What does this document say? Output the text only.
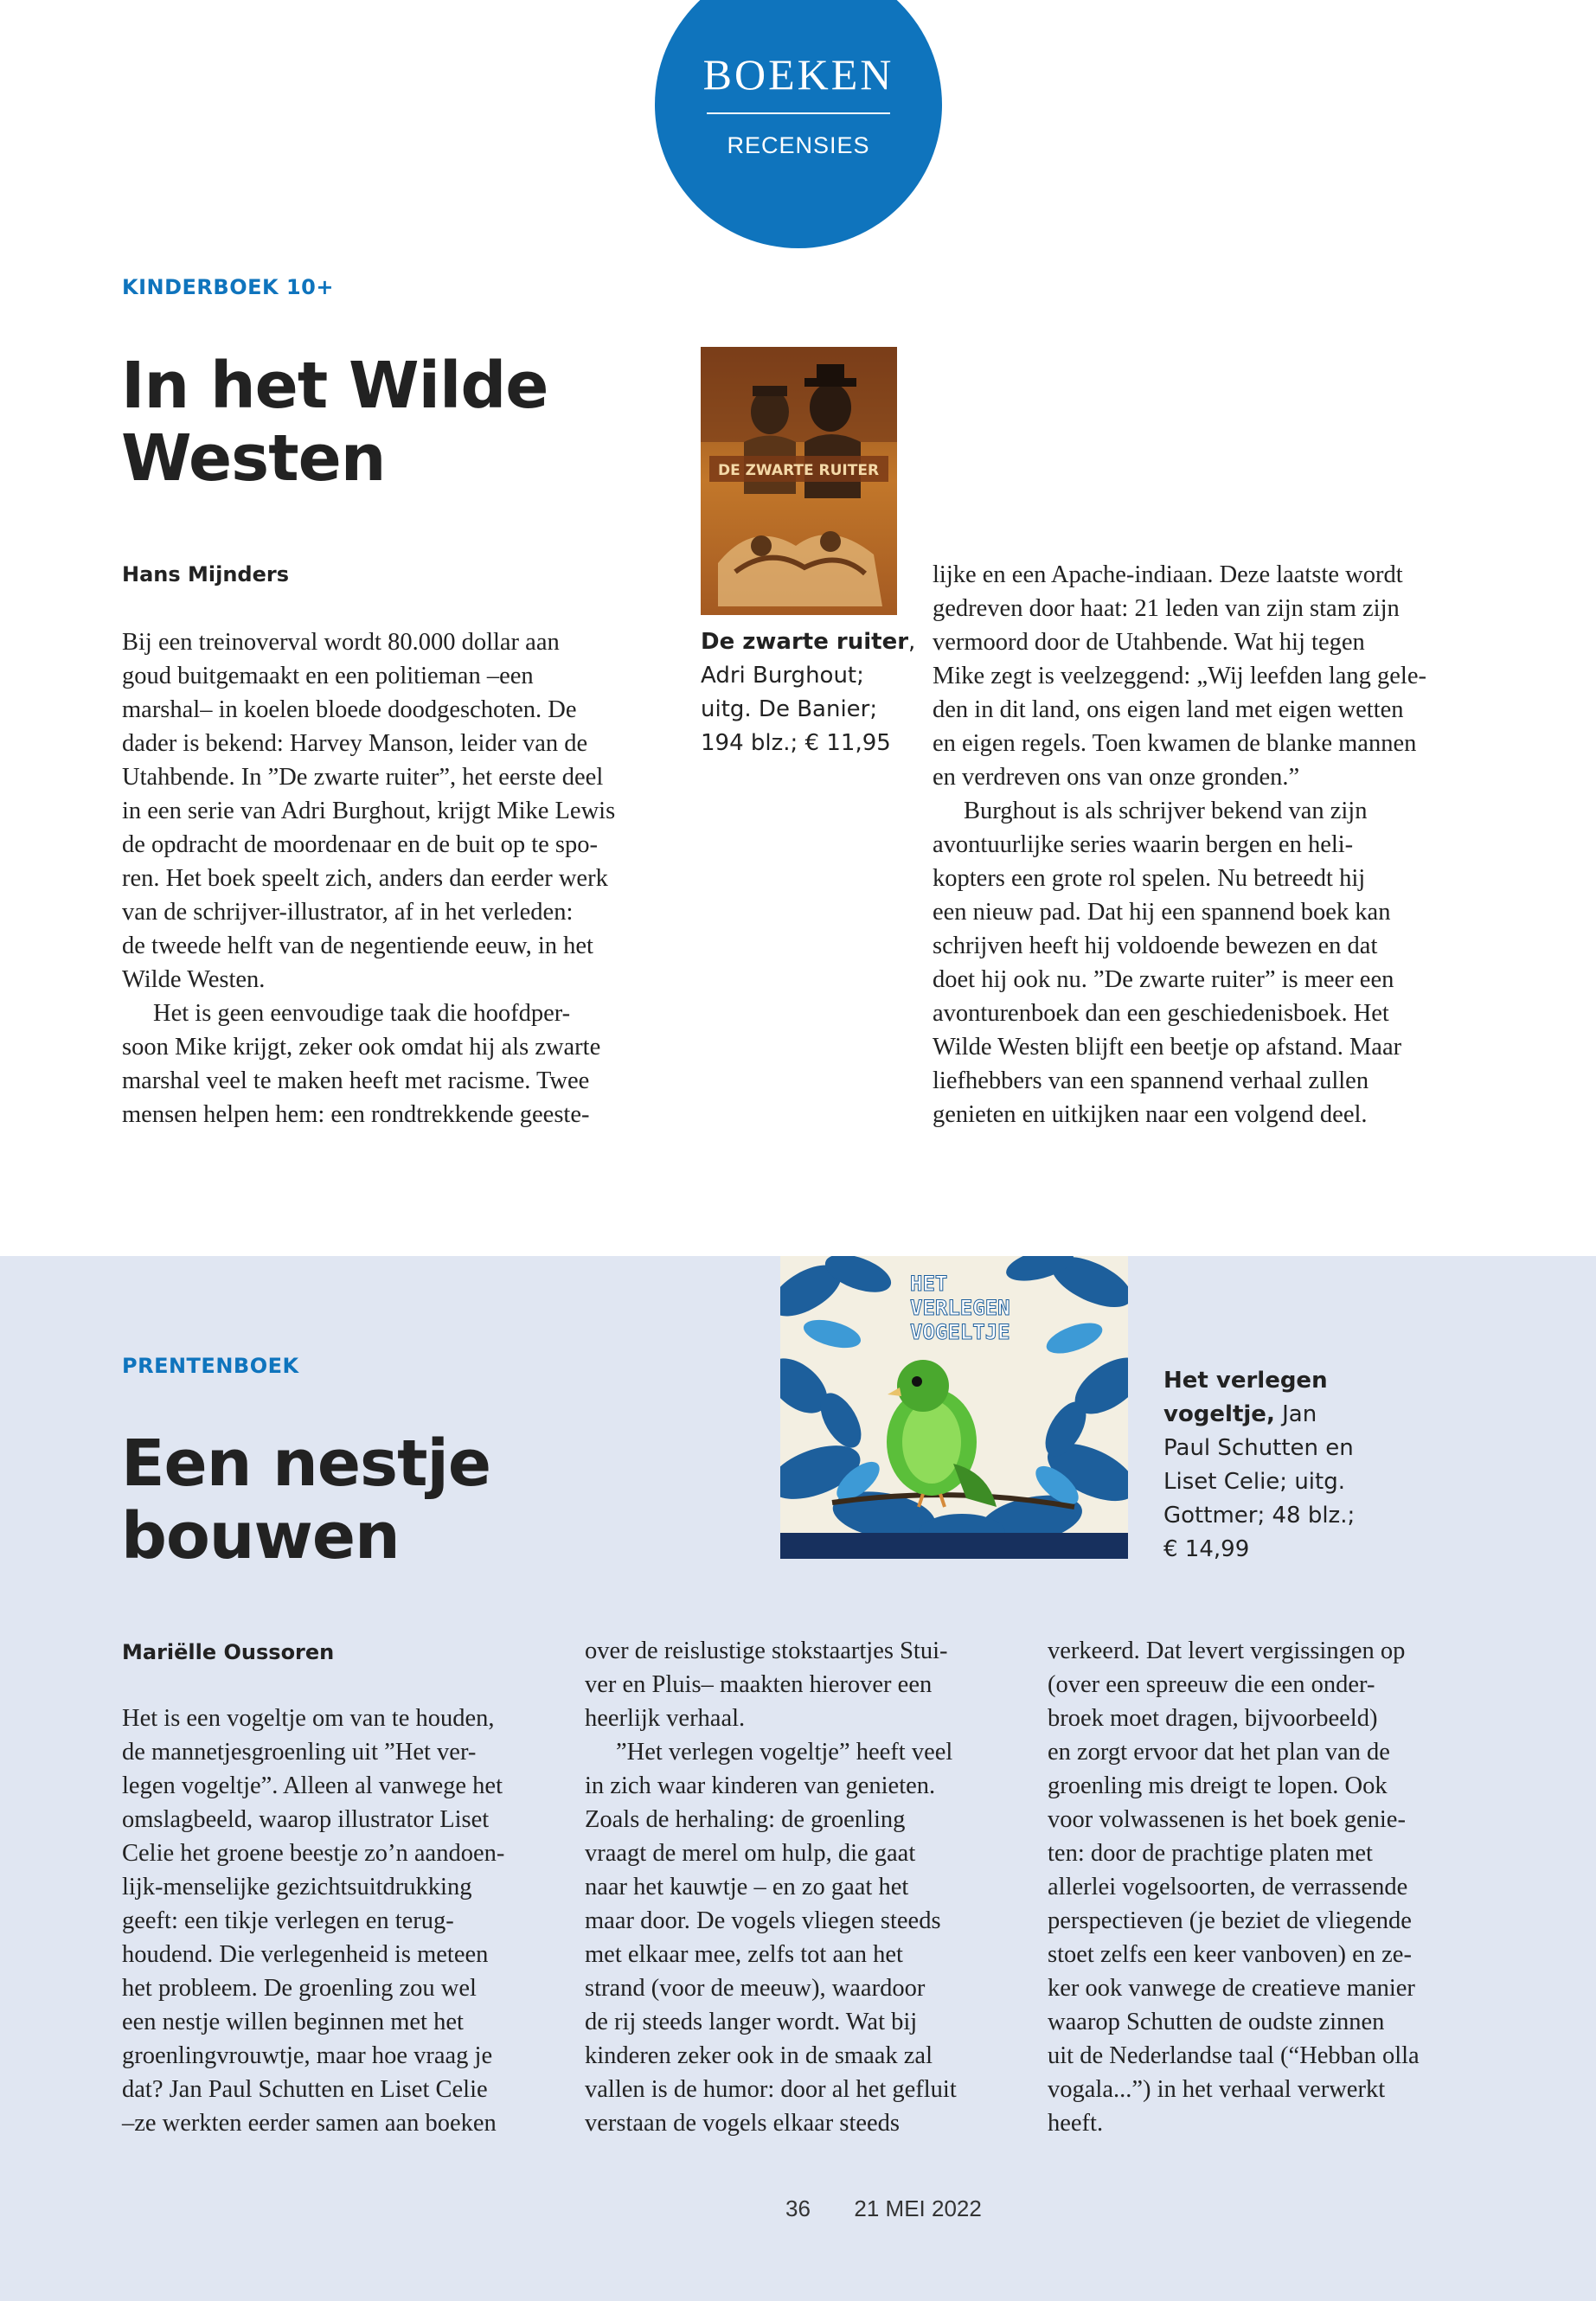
BOEKEN
RECENSIES
KINDERBOEK 10+
In het Wilde
Westen
Hans Mijnders
DE ZWARTE RUITER
De zwarte ruiter,
Adri Burghout;
uitg. De Banier;
194 blz.; € 11,95

Bij een treinoverval wordt 80.000 dollar aan
goud buitgemaakt en een politieman –een
marshal– in koelen bloede doodgeschoten. De
dader is bekend: Harvey Manson, leider van de
Utahbende. In ”De zwarte ruiter”, het eerste deel
in een serie van Adri Burghout, krijgt Mike Lewis
de opdracht de moordenaar en de buit op te spo-
ren. Het boek speelt zich, anders dan eerder werk
van de schrijver-illustrator, af in het verleden:
de tweede helft van de negentiende eeuw, in het
Wilde Westen.

Het is geen eenvoudige taak die hoofdper-
soon Mike krijgt, zeker ook omdat hij als zwarte
marshal veel te maken heeft met racisme. Twee
mensen helpen hem: een rondtrekkende geeste-

lijke en een Apache-indiaan. Deze laatste wordt
gedreven door haat: 21 leden van zijn stam zijn
vermoord door de Utahbende. Wat hij tegen
Mike zegt is veelzeggend: „Wij leefden lang gele-
den in dit land, ons eigen land met eigen wetten
en eigen regels. Toen kwamen de blanke mannen
en verdreven ons van onze gronden.”

Burghout is als schrijver bekend van zijn
avontuurlijke series waarin bergen en heli-
kopters een grote rol spelen. Nu betreedt hij
een nieuw pad. Dat hij een spannend boek kan
schrijven heeft hij voldoende bewezen en dat
doet hij ook nu. ”De zwarte ruiter” is meer een
avonturenboek dan een geschiedenisboek. Het
Wilde Westen blijft een beetje op afstand. Maar
liefhebbers van een spannend verhaal zullen
genieten en uitkijken naar een volgend deel.

HET
VERLEGEN
VOGELTJE
Het verlegen
vogeltje, Jan
Paul Schutten en
Liset Celie; uitg.
Gottmer; 48 blz.;
€ 14,99
PRENTENBOEK
Een nestje
bouwen
Mariëlle Oussoren

Het is een vogeltje om van te houden,
de mannetjesgroenling uit ”Het ver-
legen vogeltje”. Alleen al vanwege het
omslagbeeld, waarop illustrator Liset
Celie het groene beestje zo’n aandoen-
lijk-menselijke gezichtsuitdrukking
geeft: een tikje verlegen en terug-
houdend. Die verlegenheid is meteen
het probleem. De groenling zou wel
een nestje willen beginnen met het
groenlingvrouwtje, maar hoe vraag je
dat? Jan Paul Schutten en Liset Celie
–ze werkten eerder samen aan boeken

over de reislustige stokstaartjes Stui-
ver en Pluis– maakten hierover een
heerlijk verhaal.

”Het verlegen vogeltje” heeft veel
in zich waar kinderen van genieten.
Zoals de herhaling: de groenling
vraagt de merel om hulp, die gaat
naar het kauwtje – en zo gaat het
maar door. De vogels vliegen steeds
met elkaar mee, zelfs tot aan het
strand (voor de meeuw), waardoor
de rij steeds langer wordt. Wat bij
kinderen zeker ook in de smaak zal
vallen is de humor: door al het gefluit
verstaan de vogels elkaar steeds

verkeerd. Dat levert vergissingen op
(over een spreeuw die een onder-
broek moet dragen, bijvoorbeeld)
en zorgt ervoor dat het plan van de
groenling mis dreigt te lopen. Ook
voor volwassenen is het boek genie-
ten: door de prachtige platen met
allerlei vogelsoorten, de verrassende
perspectieven (je beziet de vliegende
stoet zelfs een keer vanboven) en ze-
ker ook vanwege de creatieve manier
waarop Schutten de oudste zinnen
uit de Nederlandse taal (“Hebban olla
vogala...”) in het verhaal verwerkt
heeft.

36 21 MEI 2022
